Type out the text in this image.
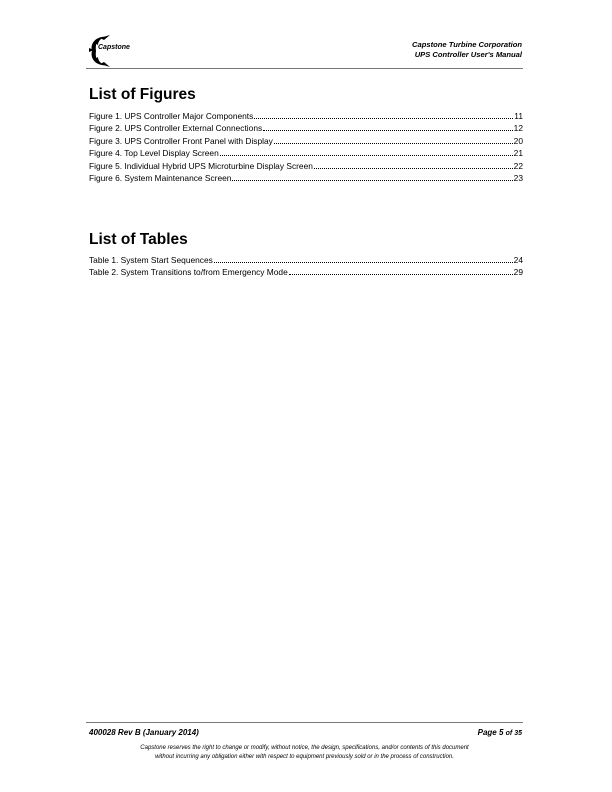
Capstone	Capstone Turbine Corporation
UPS Controller User's Manual
List of Figures
Figure 1. UPS Controller Major Components	11
Figure 2. UPS Controller External Connections	12
Figure 3. UPS Controller Front Panel with Display	20
Figure 4. Top Level Display Screen	21
Figure 5. Individual Hybrid UPS Microturbine Display Screen	22
Figure 6. System Maintenance Screen	23
List of Tables
Table 1. System Start Sequences	24
Table 2. System Transitions to/from Emergency Mode	29
400028 Rev B (January 2014)	Page 5 of 35
Capstone reserves the right to change or modify, without notice, the design, specifications, and/or contents of this document
without incurring any obligation either with respect to equipment previously sold or in the process of construction.
